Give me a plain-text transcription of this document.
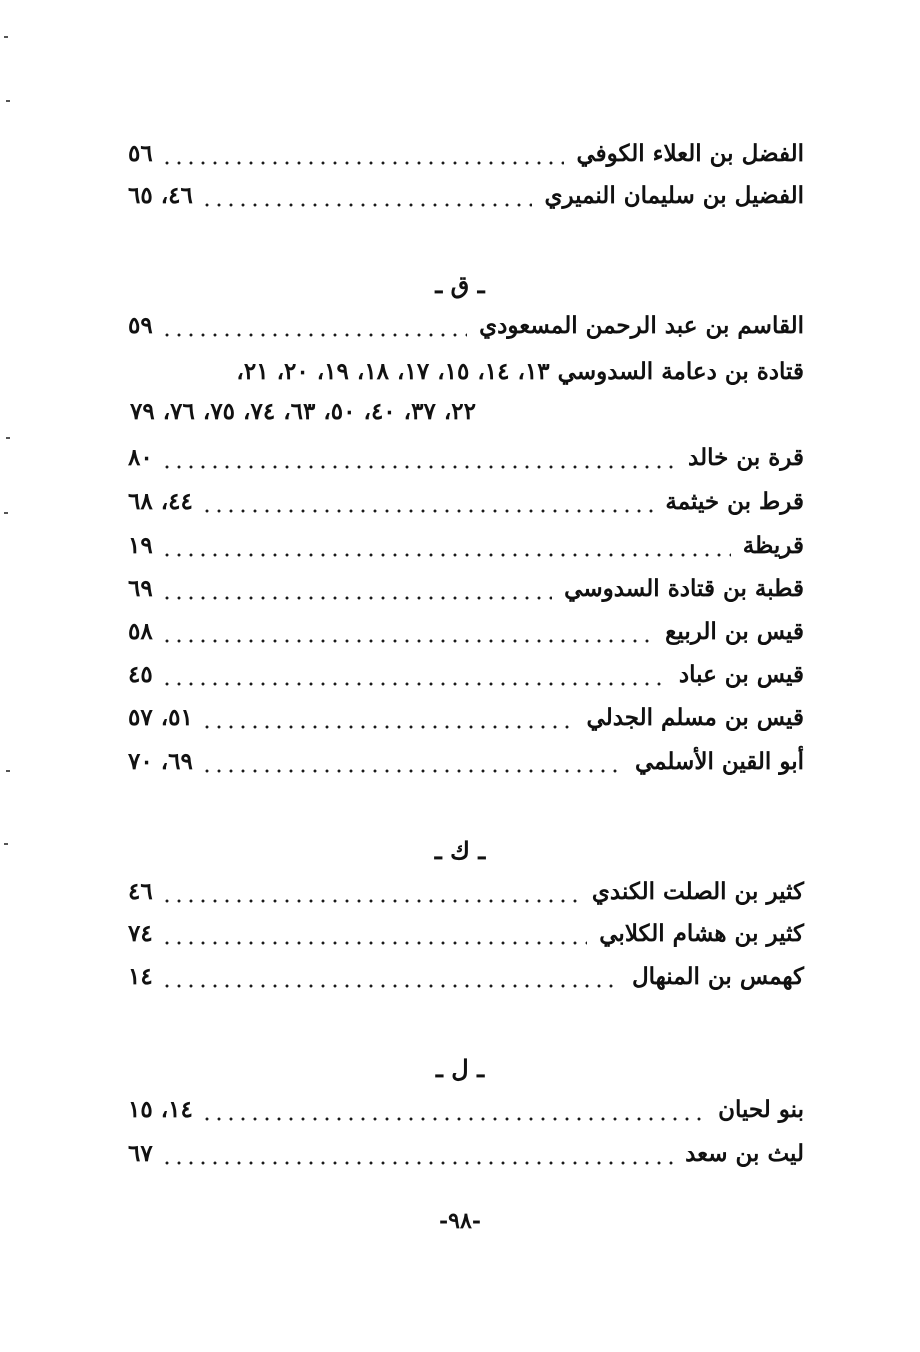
الفضل بن العلاء الكوفي
٥٦
الفضيل بن سليمان النميري
٤٦، ٦٥
ـ ق ـ
القاسم بن عبد الرحمن المسعودي
٥٩
قتادة بن دعامة السدوسي ١٣، ١٤، ١٥، ١٧، ١٨، ١٩، ٢٠، ٢١،
٢٢، ٣٧، ٤٠، ٥٠، ٦٣، ٧٤، ٧٥، ٧٦، ٧٩
قرة بن خالد
٨٠
قرط بن خيثمة
٤٤، ٦٨
قريظة
١٩
قطبة بن قتادة السدوسي
٦٩
قيس بن الربيع
٥٨
قيس بن عباد
٤٥
قيس بن مسلم الجدلي
٥١، ٥٧
أبو القين الأسلمي
٦٩، ٧٠
ـ ك ـ
كثير بن الصلت الكندي
٤٦
كثير بن هشام الكلابي
٧٤
كهمس بن المنهال
١٤
ـ ل ـ
بنو لحيان
١٤، ١٥
ليث بن سعد
٦٧
-٩٨-
